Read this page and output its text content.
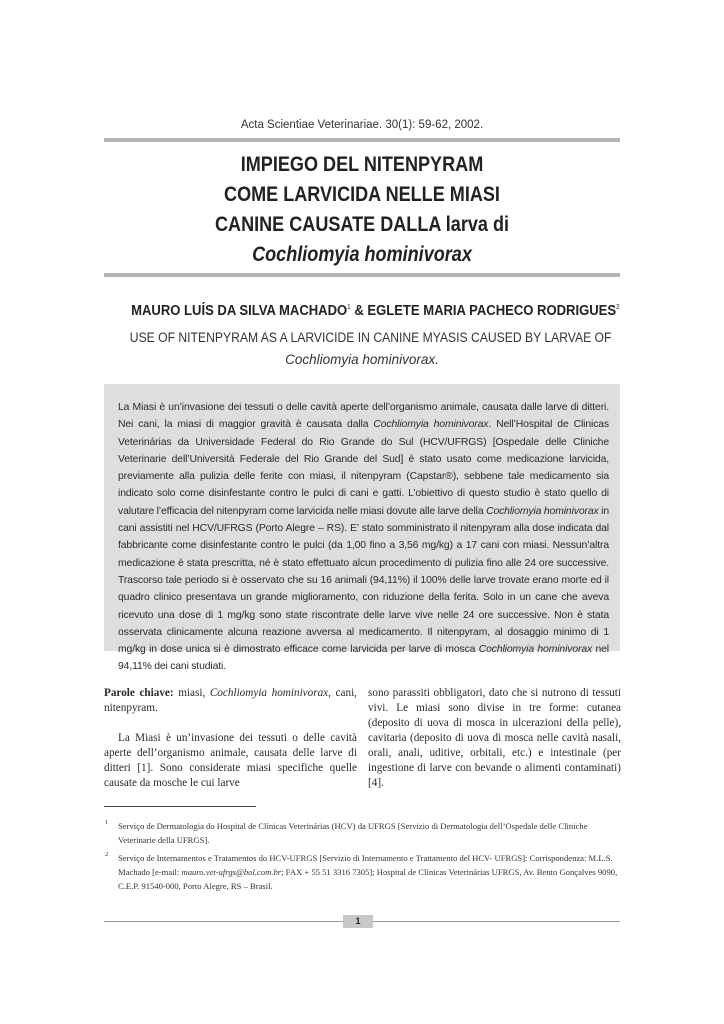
Acta Scientiae Veterinariae. 30(1): 59-62, 2002.
IMPIEGO DEL NITENPYRAM
COME LARVICIDA NELLE MIASI
CANINE CAUSATE DALLA larva di
Cochliomyia hominivorax
MAURO LUÍS DA SILVA MACHADO$^1$ & EGLETE MARIA PACHECO RODRIGUES$^2$
USE OF NITENPYRAM AS A LARVICIDE IN CANINE MYASIS CAUSED BY LARVAE OF
Cochliomyia hominivorax.
La Miasi è un’invasione dei tessuti o delle cavità aperte dell’organismo animale, causata dalle larve di ditteri. Nei cani, la miasi di maggior gravità è causata dalla Cochliomyia hominivorax. Nell’Hospital de Clinicas Veterinárias da Universidade Federal do Rio Grande do Sul (HCV/UFRGS) [Ospedale delle Cliniche Veterinarie dell’Università Federale del Rio Grande del Sud] è stato usato come medicazione larvicida, previamente alla pulizia delle ferite con miasi, il nitenpyram (Capstar®), sebbene tale medicamento sia indicato solo come disinfestante contro le pulci di cani e gatti. L’obiettivo di questo studio è stato quello di valutare l’efficacia del nitenpyram come larvicida nelle miasi dovute alle larve della Cochliomyia hominivorax in cani assistiti nel HCV/UFRGS (Porto Alegre – RS). E’ stato somministrato il nitenpyram alla dose indicata dal fabbricante come disinfestante contro le pulci (da 1,00 fino a 3,56 mg/kg) a 17 cani con miasi. Nessun’altra medicazione è stata prescritta, né è stato effettuato alcun procedimento di pulizia fino alle 24 ore successive. Trascorso tale periodo si è osservato che su 16 animali (94,11%) il 100% delle larve trovate erano morte ed il quadro clinico presentava un grande miglioramento, con riduzione della ferita. Solo in un cane che aveva ricevuto una dose di 1 mg/kg sono state riscontrate delle larve vive nelle 24 ore successive. Non è stata osservata clinicamente alcuna reazione avversa al medicamento. Il nitenpyram, al dosaggio minimo di 1 mg/kg in dose unica si è dimostrato efficace come larvicida per larve di mosca Cochliomyia hominivorax nel 94,11% dei cani studiati.

Parole chiave: miasi, Cochliomyia hominivorax, cani, nitenpyram.

La Miasi è un’invasione dei tessuti o delle cavità aperte dell’organismo animale, causata delle larve di ditteri [1]. Sono considerate miasi specifiche quelle causate da mosche le cui larve

sono parassiti obbligatori, dato che si nutrono di tessuti vivi. Le miasi sono divise in tre forme: cutanea (deposito di uova di mosca in ulcerazioni della pelle), cavitaria (deposito di uova di mosca nelle cavità nasali, orali, anali, uditive, orbitali, etc.) e intestinale (per ingestione di larve con bevande o alimenti contaminati) [4].

1 Serviço de Dermatologia do Hospital de Clínicas Veterinárias (HCV) da UFRGS [Servizio di Dermatologia dell’Ospedale delle Cliniche Veterinarie della UFRGS].
2 Serviço de Internamentos e Tratamentos do HCV-UFRGS [Servizio di Internamento e Trattamento del HCV- UFRGS]: Corrispondenza: M.L.S. Machado [e-mail: mauro.vet-ufrgs@bol.com.br; FAX + 55 51 3316 7305]; Hospital de Clínicas Veterinárias UFRGS, Av. Bento Gonçalves 9090, C.E.P. 91540-000, Porto Alegre, RS – Brasil.
1
